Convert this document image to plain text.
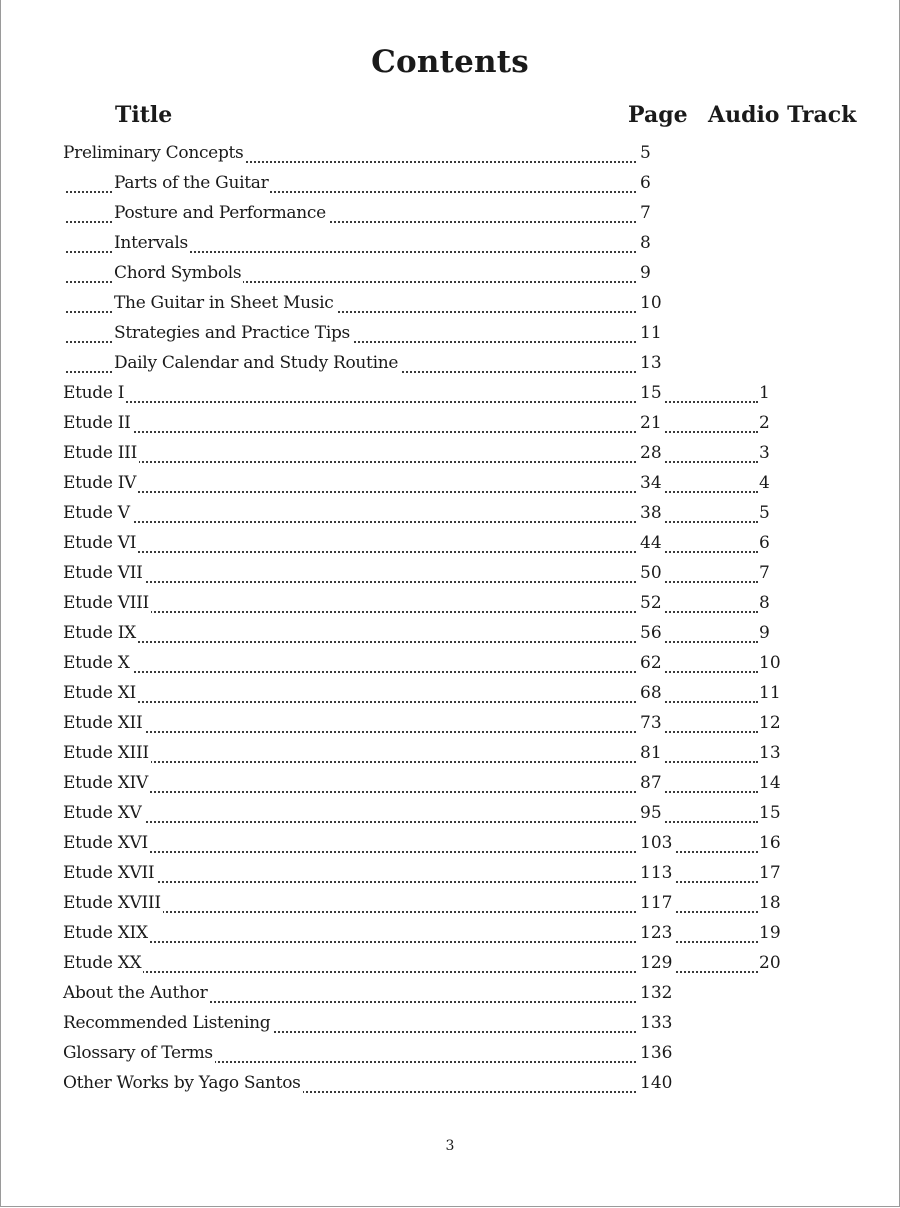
Contents
Title	Page Audio Track
Preliminary Concepts	5
Parts of the Guitar	6
Posture and Performance	7
Intervals	8
Chord Symbols	9
The Guitar in Sheet Music	10
Strategies and Practice Tips	11
Daily Calendar and Study Routine	13
Etude I	15	1
Etude II	21	2
Etude III	28	3
Etude IV	34	4
Etude V	38	5
Etude VI	44	6
Etude VII	50	7
Etude VIII	52	8
Etude IX	56	9
Etude X	62	10
Etude XI	68	11
Etude XII	73	12
Etude XIII	81	13
Etude XIV	87	14
Etude XV	95	15
Etude XVI	103	16
Etude XVII	113	17
Etude XVIII	117	18
Etude XIX	123	19
Etude XX	129	20
About the Author	132
Recommended Listening	133
Glossary of Terms	136
Other Works by Yago Santos	140
3
